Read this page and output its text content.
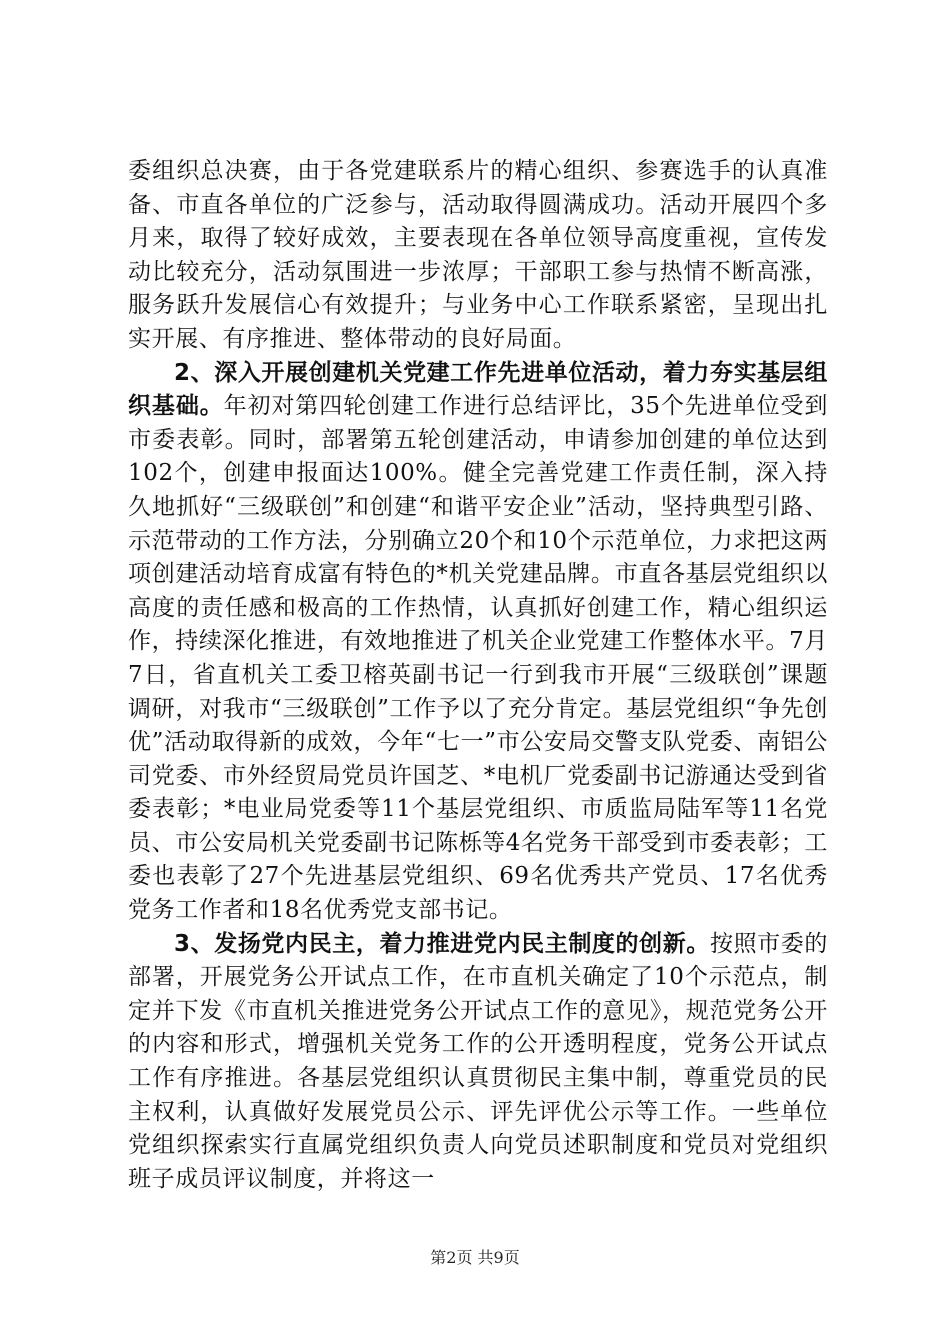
委组织总决赛，由于各党建联系片的精心组织、参赛选手的认真准备、市直各单位的广泛参与，活动取得圆满成功。活动开展四个多月来，取得了较好成效，主要表现在各单位领导高度重视，宣传发动比较充分，活动氛围进一步浓厚；干部职工参与热情不断高涨，服务跃升发展信心有效提升；与业务中心工作联系紧密，呈现出扎实开展、有序推进、整体带动的良好局面。

2、深入开展创建机关党建工作先进单位活动，着力夯实基层组织基础。年初对第四轮创建工作进行总结评比，35个先进单位受到市委表彰。同时，部署第五轮创建活动，申请参加创建的单位达到102个，创建申报面达100%。健全完善党建工作责任制，深入持久地抓好“三级联创”和创建“和谐平安企业”活动，坚持典型引路、示范带动的工作方法，分别确立20个和10个示范单位，力求把这两项创建活动培育成富有特色的*机关党建品牌。市直各基层党组织以高度的责任感和极高的工作热情，认真抓好创建工作，精心组织运作，持续深化推进，有效地推进了机关企业党建工作整体水平。7月7日，省直机关工委卫榕英副书记一行到我市开展“三级联创”课题调研，对我市“三级联创”工作予以了充分肯定。基层党组织“争先创优”活动取得新的成效，今年“七一”市公安局交警支队党委、南铝公司党委、市外经贸局党员许国芝、*电机厂党委副书记游通达受到省委表彰；*电业局党委等11个基层党组织、市质监局陆军等11名党员、市公安局机关党委副书记陈栎等4名党务干部受到市委表彰；工委也表彰了27个先进基层党组织、69名优秀共产党员、17名优秀党务工作者和18名优秀党支部书记。

3、发扬党内民主，着力推进党内民主制度的创新。按照市委的部署，开展党务公开试点工作，在市直机关确定了10个示范点，制定并下发《市直机关推进党务公开试点工作的意见》，规范党务公开的内容和形式，增强机关党务工作的公开透明程度，党务公开试点工作有序推进。各基层党组织认真贯彻民主集中制，尊重党员的民主权利，认真做好发展党员公示、评先评优公示等工作。一些单位党组织探索实行直属党组织负责人向党员述职制度和党员对党组织班子成员评议制度，并将这一

第2页 共9页
